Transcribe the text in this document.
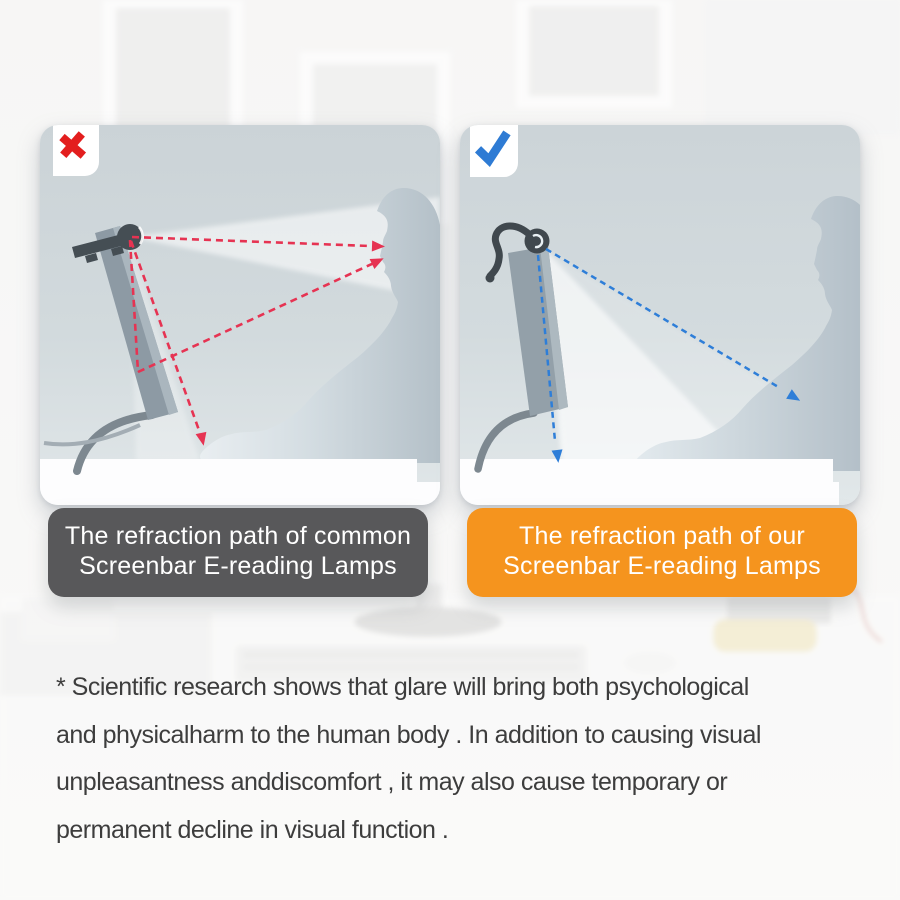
The refraction path of common
Screenbar E-reading Lamps
The refraction path of our
Screenbar E-reading Lamps
* Scientific research shows that glare will bring both psychological
and physicalharm to the human body . In addition to causing visual
unpleasantness anddiscomfort , it may also cause temporary or
permanent decline in visual function .
